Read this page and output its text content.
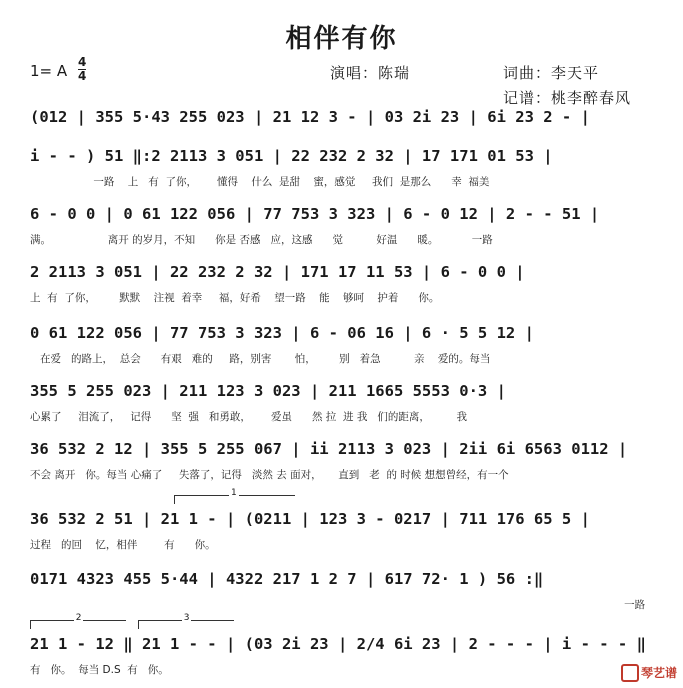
相伴有你
1= A 4
4	演唱：陈瑞	词曲：李天平
记谱：桃李醉春风
(012 | 355 5·43 255 023 | 21 12 3 - | 03 2i 23 | 6i 23 2 - |
i - - ) 51 ‖:2 2113 3 051 | 22 232 2 32 | 17 171 01 53 |
一路    上   有  了你，      懂得    什么  是甜    蜜，感觉     我们  是那么      幸  福美
6 - 0 0 | 0 61 122 056 | 77 753 3 323 | 6 - 0 12 | 2 - - 51 |
满。                 离开 的岁月，不知      你是 否感   应，这感      觉          好温      暖。          一路
2 2113 3 051 | 22 232 2 32 | 171 17 11 53 | 6 - 0 0 |
上  有  了你，       默默    注视  着幸     福，好希    望一路    能    够呵    护着      你。
0 61 122 056 | 77 753 3 323 | 6 - 06 16 | 6 · 5 5 12 |
在爱   的路上，  总会      有艰   难的     路，别害       怕，       别   着急          亲    爱的。每当
355 5 255 023 | 211 123 3 023 | 211 1665 5553 0·3 |
心累了     泪流了，   记得      坚  强   和勇敢，      爱虽      然 拉  进 我   们的距离，        我
36 532 2 12 | 355 5 255 067 | ii 2113 3 023 | 2ii 6i 6563 0112 |
不会 离开   你。每当 心痛了     失落了，记得   淡然 去 面对，     直到   老  的 时候 想想曾经，有一个
1
36 532 2 51 | 21 1 - | (0211 | 123 3 - 0217 | 711 176 65 5 |
过程   的回    忆，相伴        有      你。
0171 4323 455 5·44 | 4322 217 1 2 7 | 617 72· 1 ) 56 :‖
一路
2	3
21 1 - 12 ‖ 21 1 - - | (03 2i 23 | 2/4 6i 23 | 2 - - - | i - - - ‖
有   你。  每当 D.S  有   你。	琴艺谱
